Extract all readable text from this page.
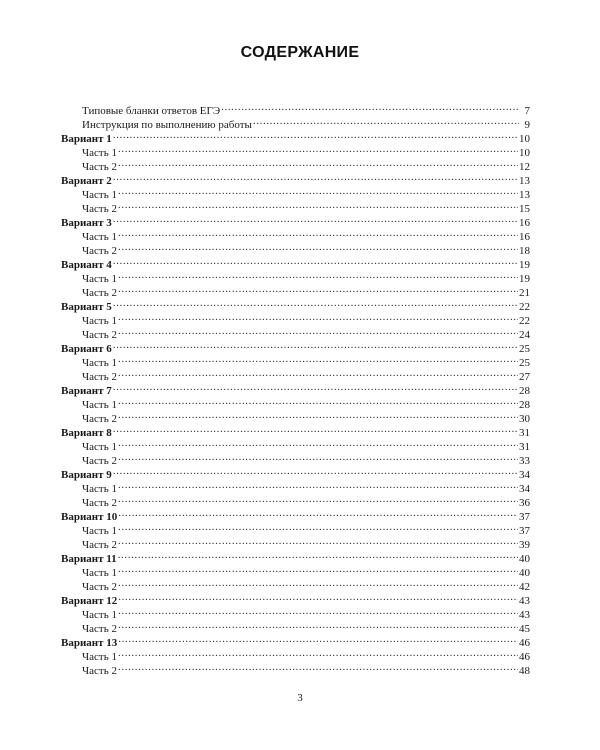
СОДЕРЖАНИЕ
Типовые бланки ответов ЕГЭ .....	7
Инструкция по выполнению работы .....	9
Вариант 1 .....	10
Часть 1 .....	10
Часть 2 .....	12
Вариант 2 .....	13
Часть 1 .....	13
Часть 2 .....	15
Вариант 3 .....	16
Часть 1 .....	16
Часть 2 .....	18
Вариант 4 .....	19
Часть 1 .....	19
Часть 2 .....	21
Вариант 5 .....	22
Часть 1 .....	22
Часть 2 .....	24
Вариант 6 .....	25
Часть 1 .....	25
Часть 2 .....	27
Вариант 7 .....	28
Часть 1 .....	28
Часть 2 .....	30
Вариант 8 .....	31
Часть 1 .....	31
Часть 2 .....	33
Вариант 9 .....	34
Часть 1 .....	34
Часть 2 .....	36
Вариант 10 .....	37
Часть 1 .....	37
Часть 2 .....	39
Вариант 11 .....	40
Часть 1 .....	40
Часть 2 .....	42
Вариант 12 .....	43
Часть 1 .....	43
Часть 2 .....	45
Вариант 13 .....	46
Часть 1 .....	46
Часть 2 .....	48
3
